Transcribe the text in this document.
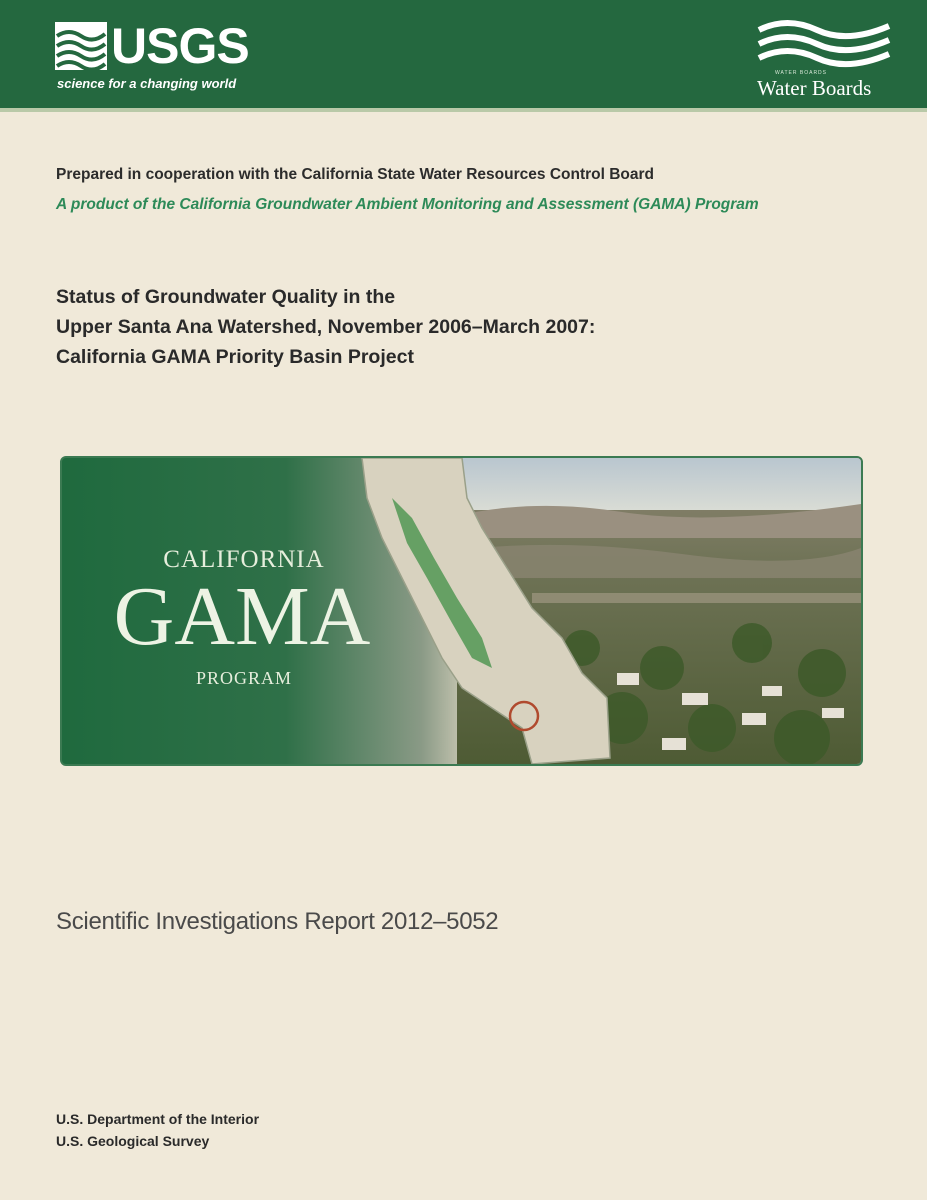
USGS
science for a changing world
WATER BOARDS
Water Boards
Prepared in cooperation with the California State Water Resources Control Board
A product of the California Groundwater Ambient Monitoring and Assessment (GAMA) Program
Status of Groundwater Quality in the
Upper Santa Ana Watershed, November 2006–March 2007:
California GAMA Priority Basin Project
CALIFORNIA
GAMA
PROGRAM
Scientific Investigations Report 2012–5052
U.S. Department of the Interior
U.S. Geological Survey
